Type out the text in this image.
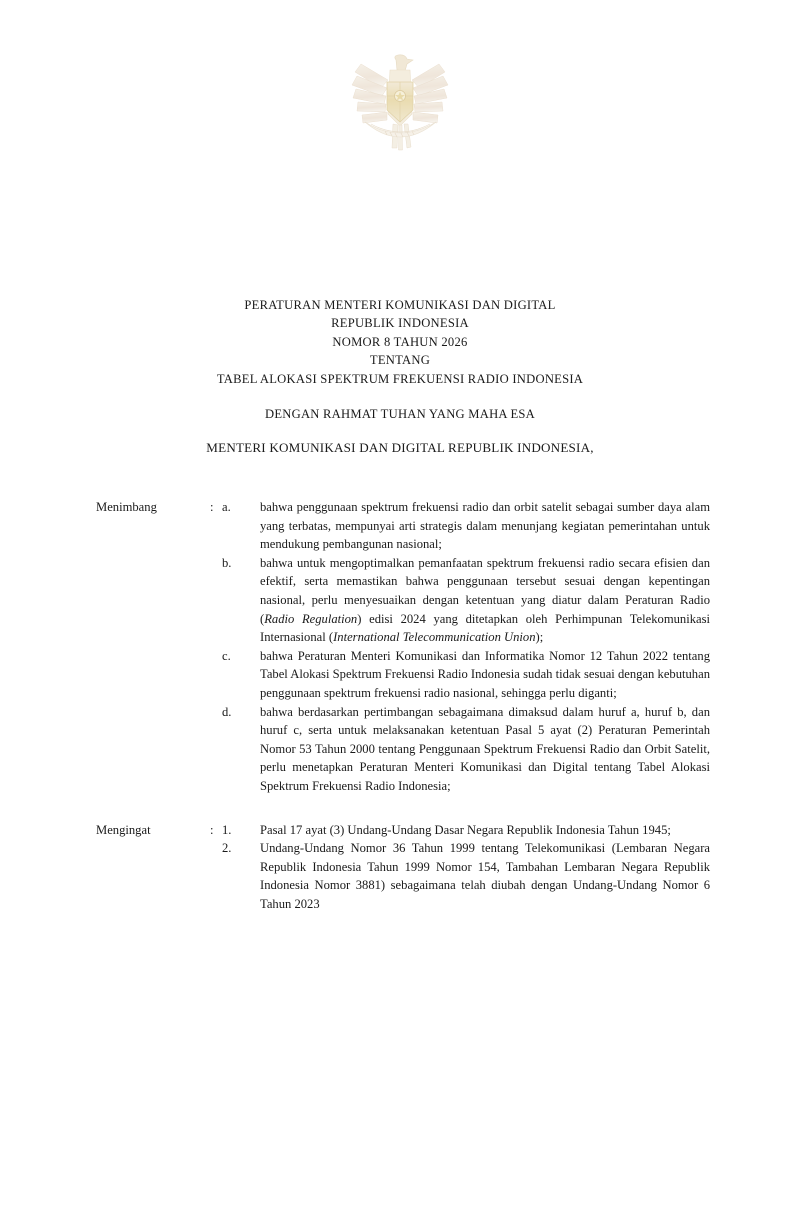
PERATURAN MENTERI KOMUNIKASI DAN DIGITAL
REPUBLIK INDONESIA
NOMOR 8 TAHUN 2026
TENTANG
TABEL ALOKASI SPEKTRUM FREKUENSI RADIO INDONESIA
DENGAN RAHMAT TUHAN YANG MAHA ESA
MENTERI KOMUNIKASI DAN DIGITAL REPUBLIK INDONESIA,
Menimbang	: a.	bahwa penggunaan spektrum frekuensi radio dan orbit satelit sebagai sumber daya alam yang terbatas, mempunyai arti strategis dalam menunjang kegiatan pemerintahan untuk mendukung pembangunan nasional;
b.	bahwa untuk mengoptimalkan pemanfaatan spektrum frekuensi radio secara efisien dan efektif, serta memastikan bahwa penggunaan tersebut sesuai dengan kepentingan nasional, perlu menyesuaikan dengan ketentuan yang diatur dalam Peraturan Radio (Radio Regulation) edisi 2024 yang ditetapkan oleh Perhimpunan Telekomunikasi Internasional (International Telecommunication Union);
c.	bahwa Peraturan Menteri Komunikasi dan Informatika Nomor 12 Tahun 2022 tentang Tabel Alokasi Spektrum Frekuensi Radio Indonesia sudah tidak sesuai dengan kebutuhan penggunaan spektrum frekuensi radio nasional, sehingga perlu diganti;
d.	bahwa berdasarkan pertimbangan sebagaimana dimaksud dalam huruf a, huruf b, dan huruf c, serta untuk melaksanakan ketentuan Pasal 5 ayat (2) Peraturan Pemerintah Nomor 53 Tahun 2000 tentang Penggunaan Spektrum Frekuensi Radio dan Orbit Satelit, perlu menetapkan Peraturan Menteri Komunikasi dan Digital tentang Tabel Alokasi Spektrum Frekuensi Radio Indonesia;
Mengingat	: 1.	Pasal 17 ayat (3) Undang-Undang Dasar Negara Republik Indonesia Tahun 1945;
2.	Undang-Undang Nomor 36 Tahun 1999 tentang Telekomunikasi (Lembaran Negara Republik Indonesia Tahun 1999 Nomor 154, Tambahan Lembaran Negara Republik Indonesia Nomor 3881) sebagaimana telah diubah dengan Undang-Undang Nomor 6 Tahun 2023
